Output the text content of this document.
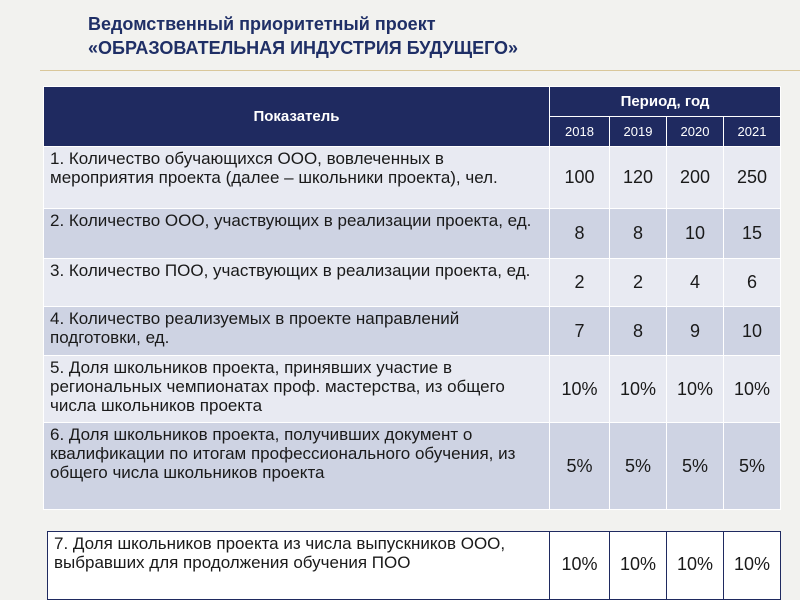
Ведомственный приоритетный проект
«ОБРАЗОВАТЕЛЬНАЯ ИНДУСТРИЯ БУДУЩЕГО»
Показатель	Период, год			
	2018	2019	2020	2021
1. Количество обучающихся ООО, вовлеченных в мероприятия проекта (далее – школьники проекта), чел.	100	120	200	250
2. Количество ООО, участвующих в реализации проекта, ед.	8	8	10	15
3. Количество ПОО, участвующих в реализации проекта, ед.	2	2	4	6
4. Количество реализуемых в проекте направлений подготовки, ед.	7	8	9	10
5. Доля школьников проекта, принявших участие в региональных чемпионатах проф. мастерства, из общего числа школьников проекта	10%	10%	10%	10%
6. Доля школьников проекта, получивших документ о квалификации по итогам профессионального обучения, из общего числа школьников проекта	5%	5%	5%	5%
7. Доля школьников проекта из числа выпускников ООО, выбравших для продолжения обучения ПОО	10%	10%	10%	10%
